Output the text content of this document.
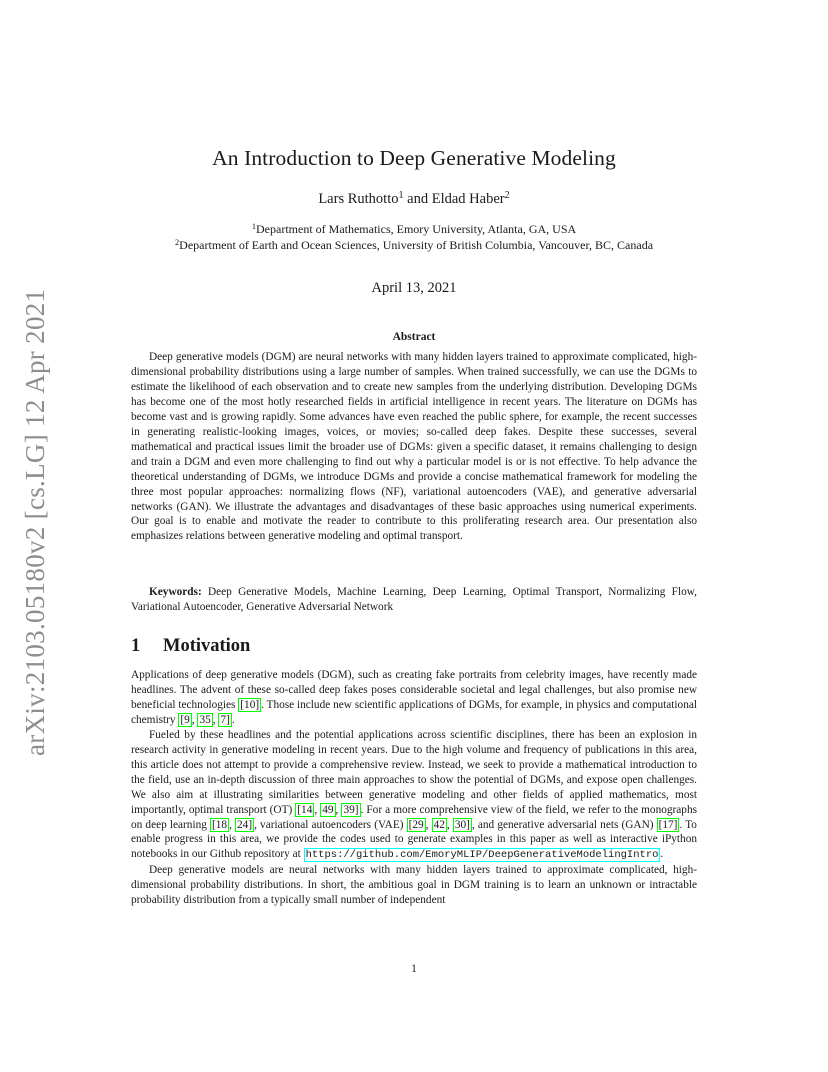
arXiv:2103.05180v2 [cs.LG] 12 Apr 2021
An Introduction to Deep Generative Modeling
Lars Ruthotto$^1$ and Eldad Haber$^2$
$^1$Department of Mathematics, Emory University, Atlanta, GA, USA
$^2$Department of Earth and Ocean Sciences, University of British Columbia, Vancouver, BC, Canada
April 13, 2021
Abstract

Deep generative models (DGM) are neural networks with many hidden layers trained to approximate complicated, high-dimensional probability distributions using a large number of samples. When trained successfully, we can use the DGMs to estimate the likelihood of each observation and to create new samples from the underlying distribution. Developing DGMs has become one of the most hotly researched fields in artificial intelligence in recent years. The literature on DGMs has become vast and is growing rapidly. Some advances have even reached the public sphere, for example, the recent successes in generating realistic-looking images, voices, or movies; so-called deep fakes. Despite these successes, several mathematical and practical issues limit the broader use of DGMs: given a specific dataset, it remains challenging to design and train a DGM and even more challenging to find out why a particular model is or is not effective. To help advance the theoretical understanding of DGMs, we introduce DGMs and provide a concise mathematical framework for modeling the three most popular approaches: normalizing flows (NF), variational autoencoders (VAE), and generative adversarial networks (GAN). We illustrate the advantages and disadvantages of these basic approaches using numerical experiments. Our goal is to enable and motivate the reader to contribute to this proliferating research area. Our presentation also emphasizes relations between generative modeling and optimal transport.

Keywords: Deep Generative Models, Machine Learning, Deep Learning, Optimal Transport, Normalizing Flow, Variational Autoencoder, Generative Adversarial Network

1 Motivation

Applications of deep generative models (DGM), such as creating fake portraits from celebrity images, have recently made headlines. The advent of these so-called deep fakes poses considerable societal and legal challenges, but also promise new beneficial technologies [10] . Those include new scientific applications of DGMs, for example, in physics and computational chemistry [9 , 35 , 7] .

Fueled by these headlines and the potential applications across scientific disciplines, there has been an explosion in research activity in generative modeling in recent years. Due to the high volume and frequency of publications in this area, this article does not attempt to provide a comprehensive review. Instead, we seek to provide a mathematical introduction to the field, use an in-depth discussion of three main approaches to show the potential of DGMs, and expose open challenges. We also aim at illustrating similarities between generative modeling and other fields of applied mathematics, most importantly, optimal transport (OT) [14 , 49 , 39] . For a more comprehensive view of the field, we refer to the monographs on deep learning [18 , 24] , variational autoencoders (VAE) [29 , 42 , 30] , and generative adversarial nets (GAN) [17] . To enable progress in this area, we provide the codes used to generate examples in this paper as well as interactive iPython notebooks in our Github repository at https://github.com/EmoryMLIP/DeepGenerativeModelingIntro .

Deep generative models are neural networks with many hidden layers trained to approximate complicated, high-dimensional probability distributions. In short, the ambitious goal in DGM training is to learn an unknown or intractable probability distribution from a typically small number of independent

1
